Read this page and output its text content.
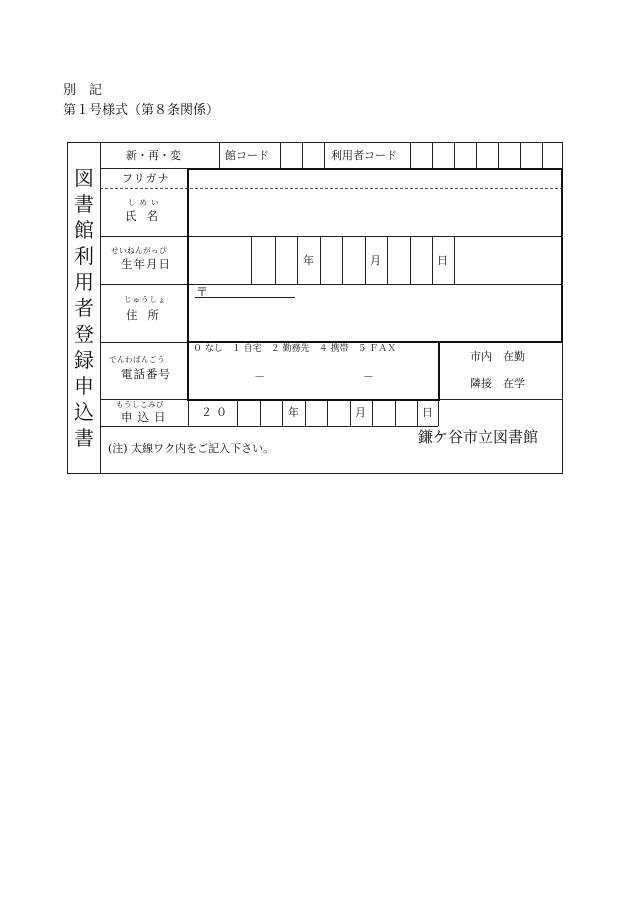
別　記
第１号様式（第８条関係）
図
書
館
利
用
者
登
録
申
込
書
新・再・変	館コード	利用者コード
フリガナ
しめい
氏名
せいねんがっぴ
生年月日	年	月	日
じゅうしょ
住所
〒
でんわばんごう
電話番号
０ なし　１ 自宅　２ 勤務先　４ 携帯　５ ＦＡＸ
－	－
市内　在勤
隣接　在学
もうしこみび
申込日	２０	年	月	日
(注) 太線ワク内をご記入下さい。
鎌ケ谷市立図書館
